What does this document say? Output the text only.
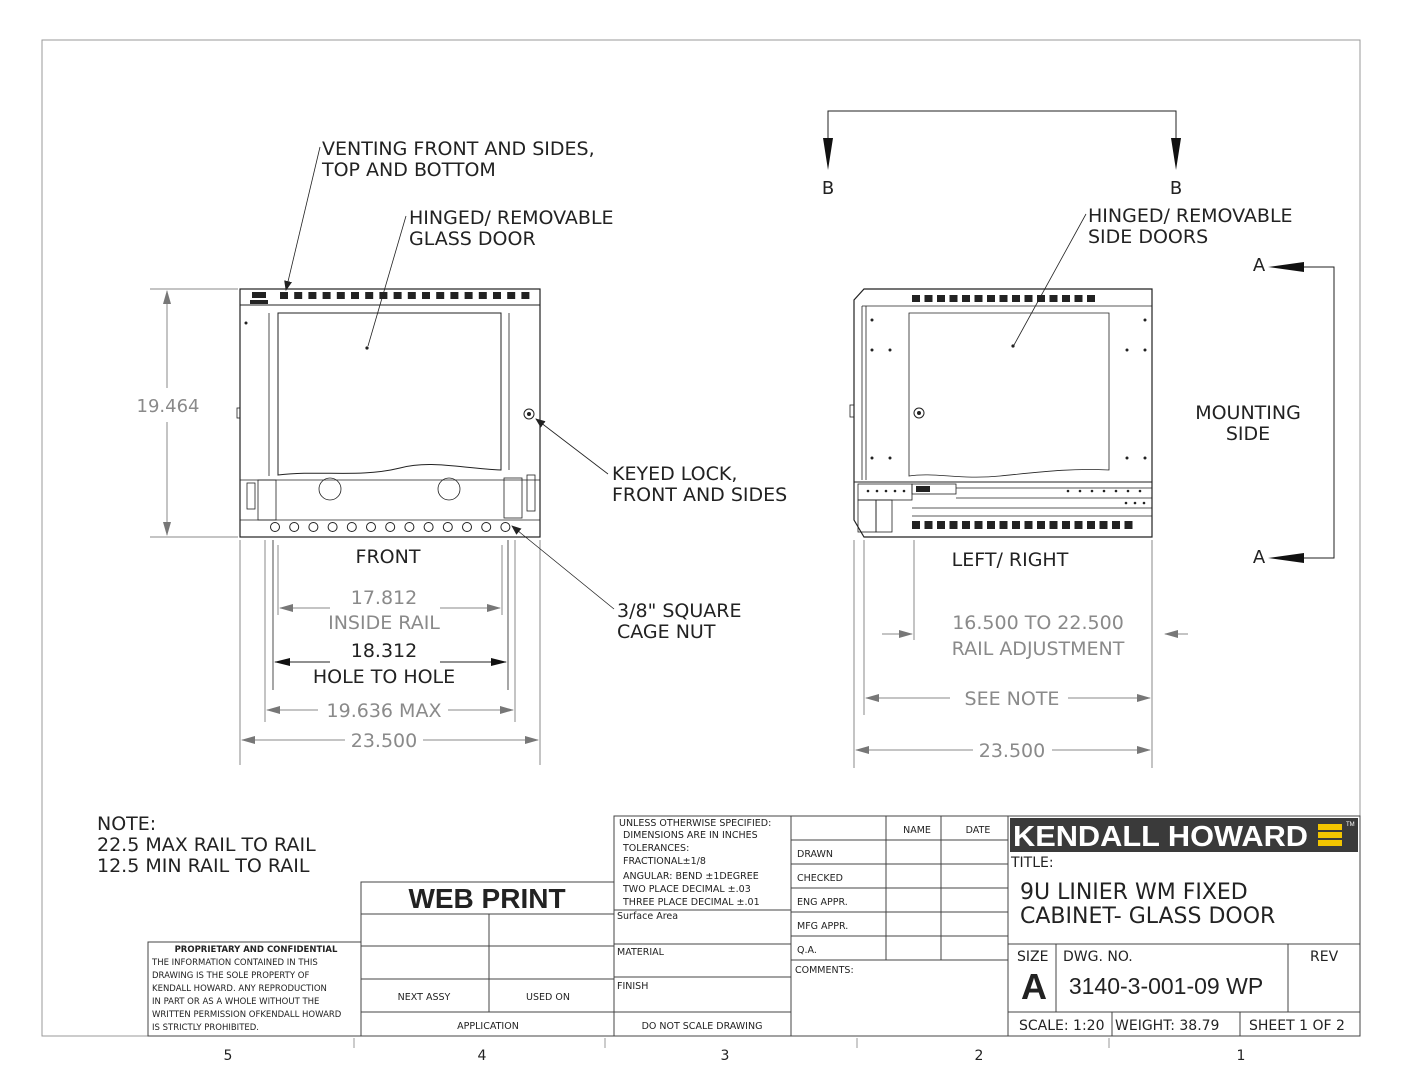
19.464
17.812
INSIDE RAIL
18.312
HOLE TO HOLE
19.636 MAX
23.500
FRONT
VENTING FRONT AND SIDES,
TOP AND BOTTOM
HINGED/ REMOVABLE
GLASS DOOR
KEYED LOCK,
FRONT AND SIDES
3/8" SQUARE
CAGE NUT
B	B
A
A
HINGED/ REMOVABLE
SIDE DOORS
MOUNTING
SIDE
LEFT/ RIGHT
16.500 TO 22.500
RAIL ADJUSTMENT
SEE NOTE
23.500
NOTE:
22.5 MAX RAIL TO RAIL
12.5 MIN RAIL TO RAIL
PROPRIETARY AND CONFIDENTIAL
THE INFORMATION CONTAINED IN THIS
DRAWING IS THE SOLE PROPERTY OF
KENDALL HOWARD. ANY REPRODUCTION
IN PART OR AS A WHOLE WITHOUT THE
WRITTEN PERMISSION OFKENDALL HOWARD
IS STRICTLY PROHIBITED.
WEB PRINT
NEXT ASSY	USED ON
APPLICATION
UNLESS OTHERWISE SPECIFIED:
DIMENSIONS ARE IN INCHES
TOLERANCES:
FRACTIONAL±1/8
ANGULAR: BEND ±1DEGREE
TWO PLACE DECIMAL ±.03
THREE PLACE DECIMAL ±.01
Surface Area
MATERIAL
FINISH
DO NOT SCALE DRAWING
NAME	DATE
DRAWN
CHECKED
ENG APPR.
MFG APPR.
Q.A.
COMMENTS:
KENDALL HOWARD	TM
TITLE:
9U LINIER WM FIXED
CABINET- GLASS DOOR
SIZE
A
DWG. NO.
3140-3-001-09 WP
REV
SCALE: 1:20 WEIGHT: 38.79 SHEET 1 OF 2
5	4	3	2	1
